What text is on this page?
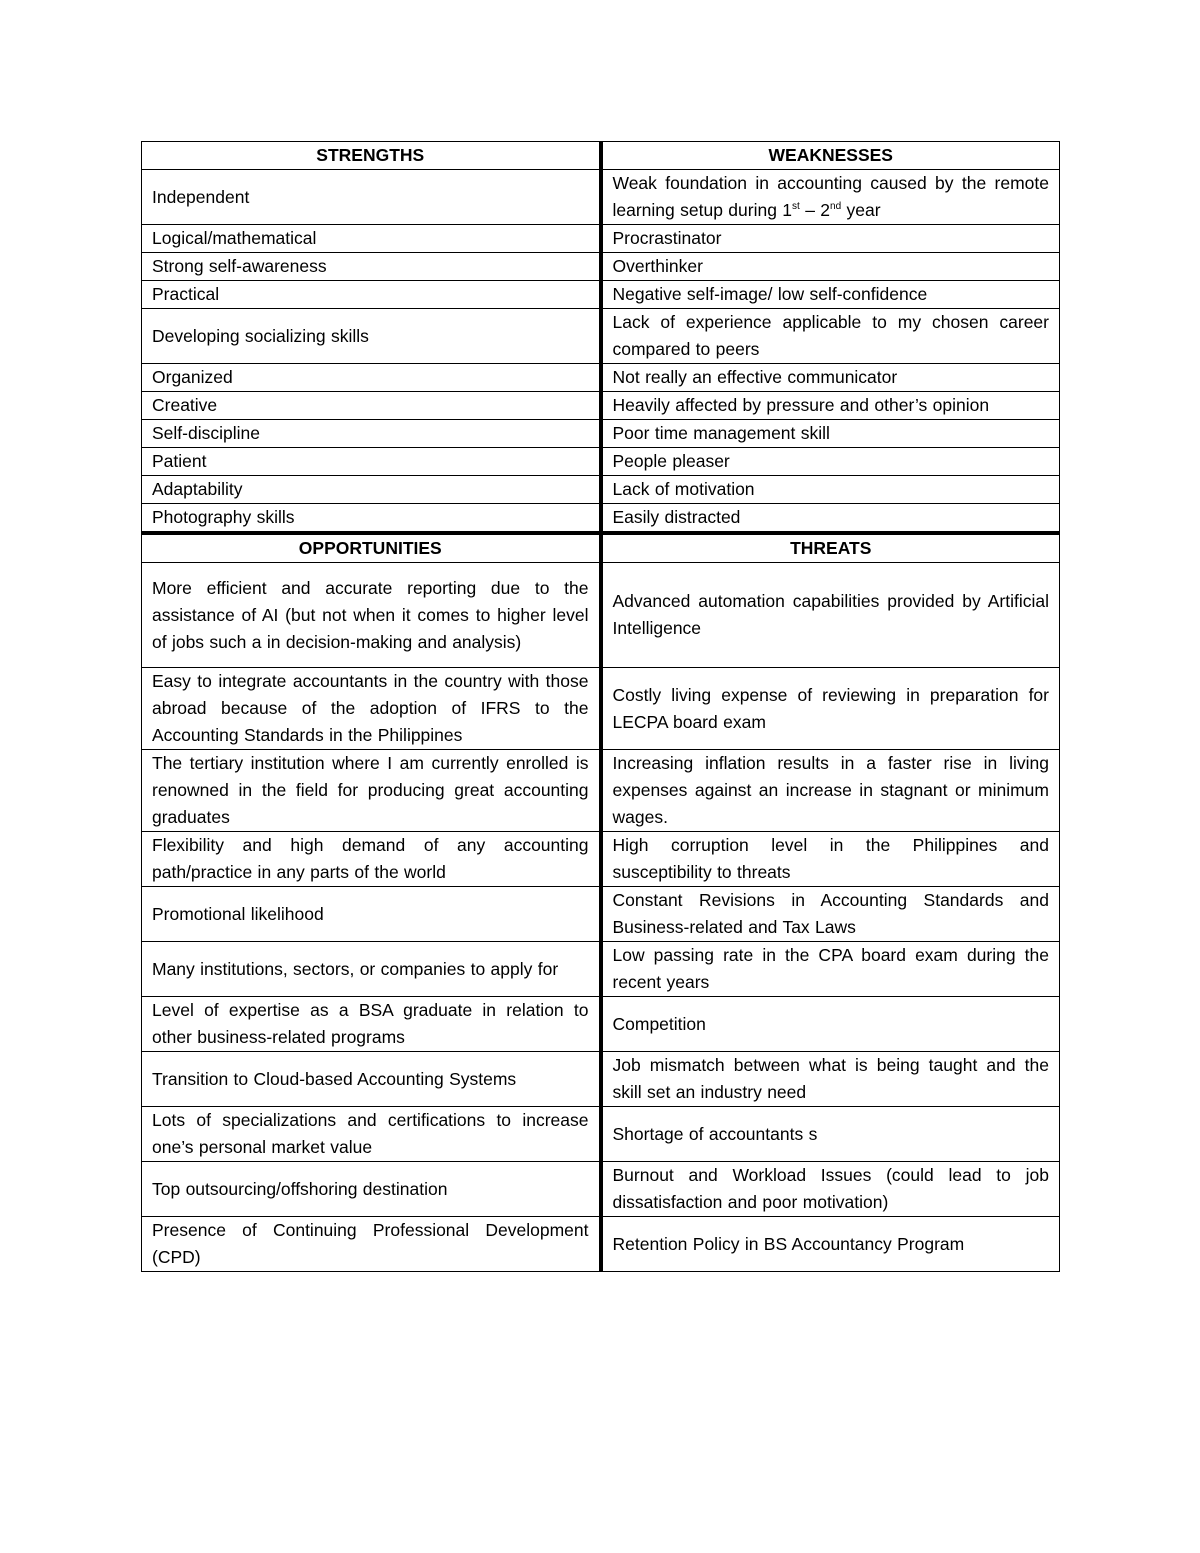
STRENGTHS	WEAKNESSES
Independent	Weak foundation in accounting caused by the remote learning setup during 1st – 2nd year
Logical/mathematical	Procrastinator
Strong self-awareness	Overthinker
Practical	Negative self-image/ low self-confidence
Developing socializing skills	Lack of experience applicable to my chosen career compared to peers
Organized	Not really an effective communicator
Creative	Heavily affected by pressure and other’s opinion
Self-discipline	Poor time management skill
Patient	People pleaser
Adaptability	Lack of motivation
Photography skills	Easily distracted
OPPORTUNITIES	THREATS
More efficient and accurate reporting due to the assistance of AI (but not when it comes to higher level of jobs such a in decision-making and analysis)	Advanced automation capabilities provided by Artificial Intelligence
Easy to integrate accountants in the country with those abroad because of the adoption of IFRS to the Accounting Standards in the Philippines	Costly living expense of reviewing in preparation for LECPA board exam
The tertiary institution where I am currently enrolled is renowned in the field for producing great accounting graduates	Increasing inflation results in a faster rise in living expenses against an increase in stagnant or minimum wages.
Flexibility and high demand of any accounting path/practice in any parts of the world	High corruption level in the Philippines and susceptibility to threats
Promotional likelihood	Constant Revisions in Accounting Standards and Business-related and Tax Laws
Many institutions, sectors, or companies to apply for	Low passing rate in the CPA board exam during the recent years
Level of expertise as a BSA graduate in relation to other business-related programs	Competition
Transition to Cloud-based Accounting Systems	Job mismatch between what is being taught and the skill set an industry need
Lots of specializations and certifications to increase one’s personal market value	Shortage of accountants s
Top outsourcing/offshoring destination	Burnout and Workload Issues (could lead to job dissatisfaction and poor motivation)
Presence of Continuing Professional Development (CPD)	Retention Policy in BS Accountancy Program
